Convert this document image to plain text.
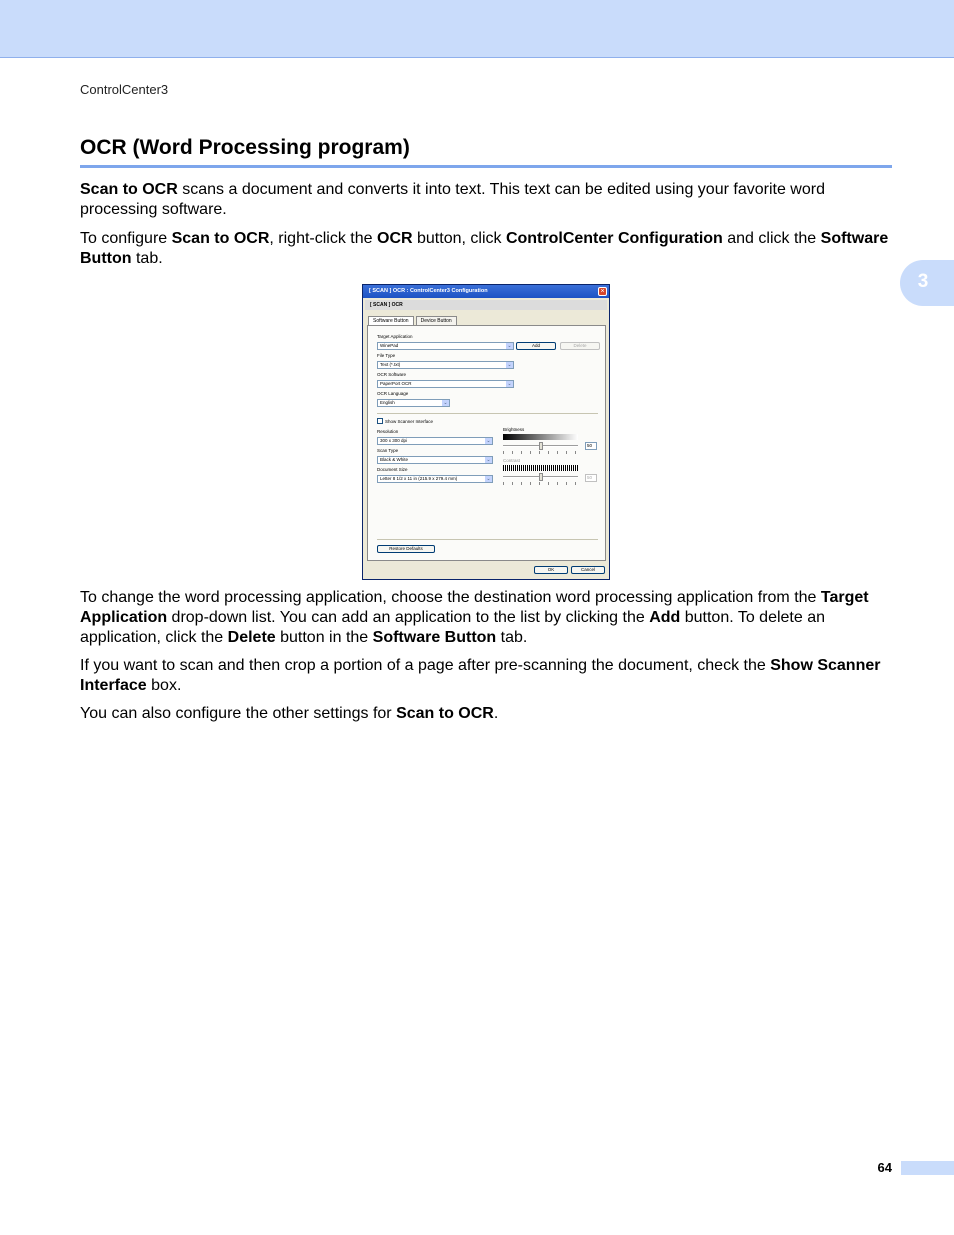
ControlCenter3
OCR (Word Processing program)
3

Scan to OCR scans a document and converts it into text. This text can be edited using your favorite word processing software.

To configure Scan to OCR, right-click the OCR button, click ControlCenter Configuration and click the Software Button tab.

[ SCAN ] OCR : ControlCenter3 Configuration	×
[ SCAN ] OCR
Software Button	Device Button
Target Application
WinePad	⌄	Add	Delete
File Type
Text (*.txt)	⌄
OCR Software
PaperPort OCR	⌄
OCR Language
English	⌄
Show Scanner Interface
Resolution
300 x 300 dpi	⌄
Scan Type
Black & White	⌄
Document Size
Letter 8 1/2 x 11 in (215.9 x 279.4 mm)	⌄
Brightness
50
Contrast
50
Restore Defaults
OK	Cancel

To change the word processing application, choose the destination word processing application from the Target Application drop-down list. You can add an application to the list by clicking the Add button. To delete an application, click the Delete button in the Software Button tab.

If you want to scan and then crop a portion of a page after pre-scanning the document, check the Show Scanner Interface box.

You can also configure the other settings for Scan to OCR.

64
